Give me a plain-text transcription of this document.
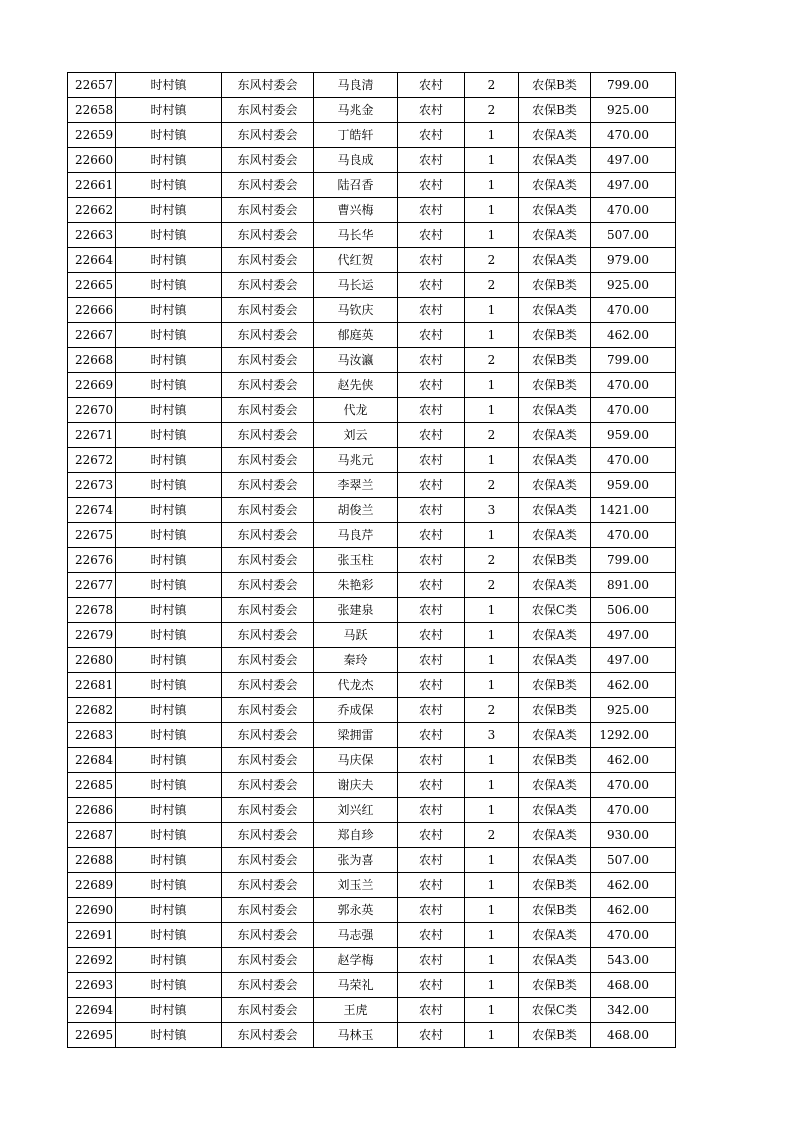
22657	时村镇	东风村委会	马良清	农村	2	农保B类	799.00
22658	时村镇	东风村委会	马兆金	农村	2	农保B类	925.00
22659	时村镇	东风村委会	丁皓轩	农村	1	农保A类	470.00
22660	时村镇	东风村委会	马良成	农村	1	农保A类	497.00
22661	时村镇	东风村委会	陆召香	农村	1	农保A类	497.00
22662	时村镇	东风村委会	曹兴梅	农村	1	农保A类	470.00
22663	时村镇	东风村委会	马长华	农村	1	农保A类	507.00
22664	时村镇	东风村委会	代红贺	农村	2	农保A类	979.00
22665	时村镇	东风村委会	马长运	农村	2	农保B类	925.00
22666	时村镇	东风村委会	马钦庆	农村	1	农保A类	470.00
22667	时村镇	东风村委会	郁庭英	农村	1	农保B类	462.00
22668	时村镇	东风村委会	马汝瀛	农村	2	农保B类	799.00
22669	时村镇	东风村委会	赵先侠	农村	1	农保B类	470.00
22670	时村镇	东风村委会	代龙	农村	1	农保A类	470.00
22671	时村镇	东风村委会	刘云	农村	2	农保A类	959.00
22672	时村镇	东风村委会	马兆元	农村	1	农保A类	470.00
22673	时村镇	东风村委会	李翠兰	农村	2	农保A类	959.00
22674	时村镇	东风村委会	胡俊兰	农村	3	农保A类	1421.00
22675	时村镇	东风村委会	马良芹	农村	1	农保A类	470.00
22676	时村镇	东风村委会	张玉柱	农村	2	农保B类	799.00
22677	时村镇	东风村委会	朱艳彩	农村	2	农保A类	891.00
22678	时村镇	东风村委会	张建泉	农村	1	农保C类	506.00
22679	时村镇	东风村委会	马跃	农村	1	农保A类	497.00
22680	时村镇	东风村委会	秦玲	农村	1	农保A类	497.00
22681	时村镇	东风村委会	代龙杰	农村	1	农保B类	462.00
22682	时村镇	东风村委会	乔成保	农村	2	农保B类	925.00
22683	时村镇	东风村委会	梁拥雷	农村	3	农保A类	1292.00
22684	时村镇	东风村委会	马庆保	农村	1	农保B类	462.00
22685	时村镇	东风村委会	谢庆夫	农村	1	农保A类	470.00
22686	时村镇	东风村委会	刘兴红	农村	1	农保A类	470.00
22687	时村镇	东风村委会	郑自珍	农村	2	农保A类	930.00
22688	时村镇	东风村委会	张为喜	农村	1	农保A类	507.00
22689	时村镇	东风村委会	刘玉兰	农村	1	农保B类	462.00
22690	时村镇	东风村委会	郭永英	农村	1	农保B类	462.00
22691	时村镇	东风村委会	马志强	农村	1	农保A类	470.00
22692	时村镇	东风村委会	赵学梅	农村	1	农保A类	543.00
22693	时村镇	东风村委会	马荣礼	农村	1	农保B类	468.00
22694	时村镇	东风村委会	王虎	农村	1	农保C类	342.00
22695	时村镇	东风村委会	马林玉	农村	1	农保B类	468.00
